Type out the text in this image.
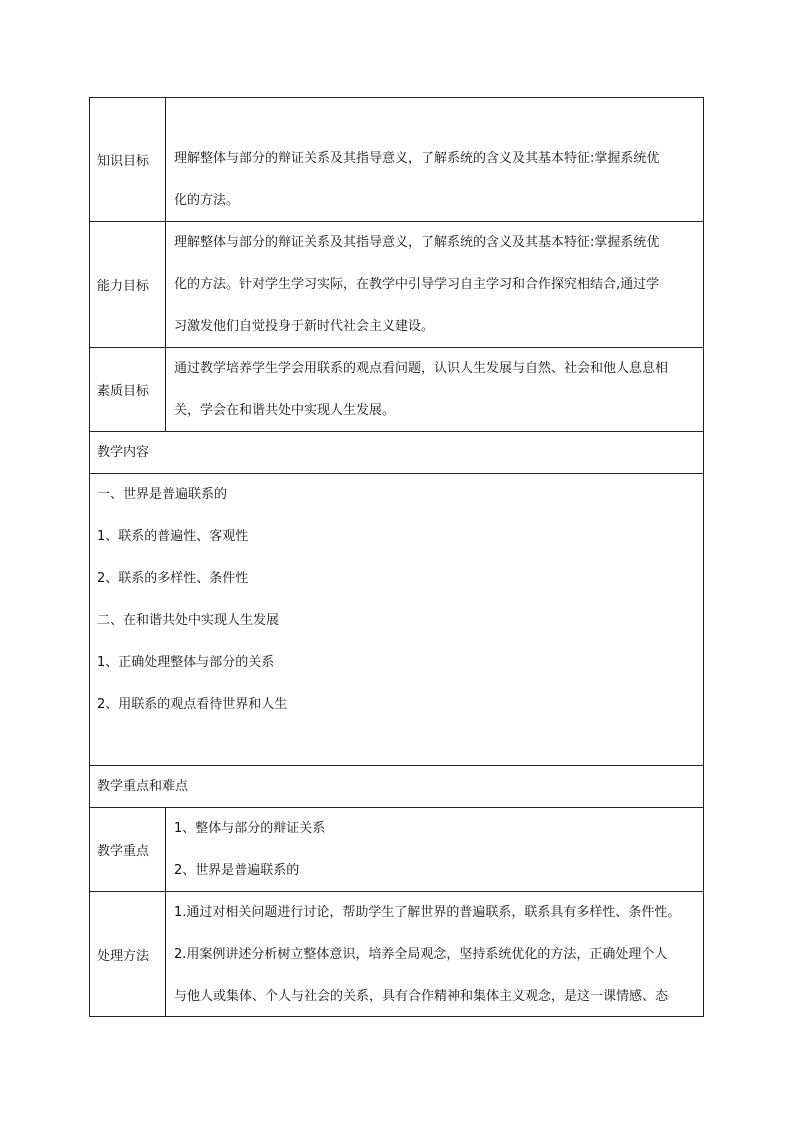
知识目标	理解整体与部分的辩证关系及其指导意义，了解系统的含义及其基本特征:掌握系统优
化的方法。
能力目标
理解整体与部分的辩证关系及其指导意义，了解系统的含义及其基本特征:掌握系统优
化的方法。针对学生学习实际，在教学中引导学习自主学习和合作探究相结合,通过学
习激发他们自觉投身于新时代社会主义建设。
素质目标
通过教学培养学生学会用联系的观点看问题，认识人生发展与自然、社会和他人息息相
关，学会在和谐共处中实现人生发展。
教学内容
一、世界是普遍联系的
1、联系的普遍性、客观性
2、联系的多样性、条件性
二、在和谐共处中实现人生发展
1、正确处理整体与部分的关系
2、用联系的观点看待世界和人生
教学重点和难点
教学重点
1、整体与部分的辩证关系
2、世界是普遍联系的
处理方法
1.通过对相关问题进行讨论，帮助学生了解世界的普遍联系，联系具有多样性、条件性。
2.用案例讲述分析树立整体意识，培养全局观念，坚持系统优化的方法，正确处理个人
与他人或集体、个人与社会的关系，具有合作精神和集体主义观念，是这一课情感、态
